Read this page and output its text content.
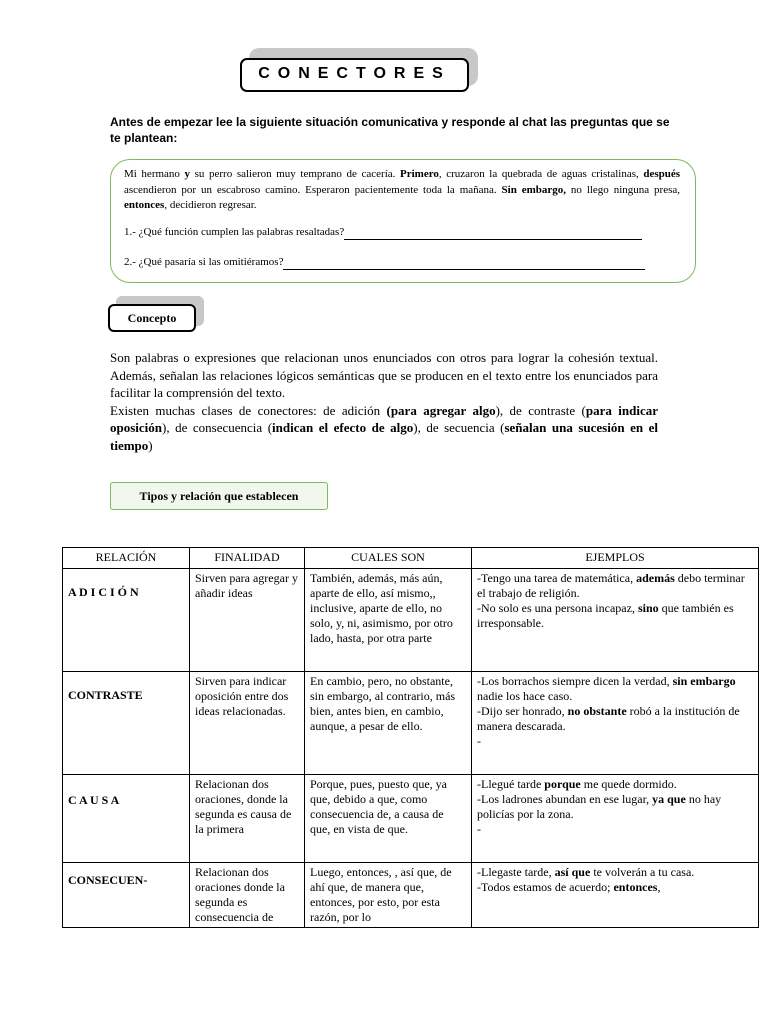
CONECTORES
Antes de empezar lee la siguiente situación comunicativa y responde al chat las preguntas que se te plantean:

Mi hermano y su perro salieron muy temprano de cacería. Primero, cruzaron la quebrada de aguas cristalinas, después ascendieron por un escabroso camino. Esperaron pacientemente toda la mañana. Sin embargo, no llego ninguna presa, entonces, decidieron regresar.

1.- ¿Qué función cumplen las palabras resaltadas?
2.- ¿Qué pasaría si las omitiéramos?
Concepto

Son palabras o expresiones que relacionan unos enunciados con otros para lograr la cohesión textual. Además, señalan las relaciones lógicos semánticas que se producen en el texto entre los enunciados para facilitar la comprensión del texto.

Existen muchas clases de conectores: de adición (para agregar algo), de contraste (para indicar oposición), de consecuencia (indican el efecto de algo), de secuencia (señalan una sucesión en el tiempo)

Tipos y relación que establecen
RELACIÓN	FINALIDAD	CUALES SON	EJEMPLOS
A D I C I Ó N	Sirven para agregar y añadir ideas	También, además, más aún, aparte de ello, así mismo,, inclusive, aparte de ello, no solo, y, ni, asimismo, por otro lado, hasta, por otra parte	-Tengo una tarea de matemática, además debo terminar el trabajo de religión.
-No solo es una persona incapaz, sino que también es irresponsable.
CONTRASTE	Sirven para indicar oposición entre dos ideas relacionadas.	En cambio, pero, no obstante, sin embargo, al contrario, más bien, antes bien, en cambio, aunque, a pesar de ello.	-Los borrachos siempre dicen la verdad, sin embargo nadie los hace caso.
-Dijo ser honrado, no obstante robó a la institución de manera descarada.
-
C A U S A	Relacionan dos oraciones, donde la segunda es causa de la primera	Porque, pues, puesto que, ya que, debido a que, como consecuencia de, a causa de que, en vista de que.	-Llegué tarde porque me quede dormido.
-Los ladrones abundan en ese lugar, ya que no hay policías por la zona.
-
CONSECUEN-	Relacionan dos oraciones donde la segunda es consecuencia de	Luego, entonces, , así que, de ahí que, de manera que, entonces, por esto, por esta razón, por lo	-Llegaste tarde, así que te volverán a tu casa.
-Todos estamos de acuerdo; entonces,
